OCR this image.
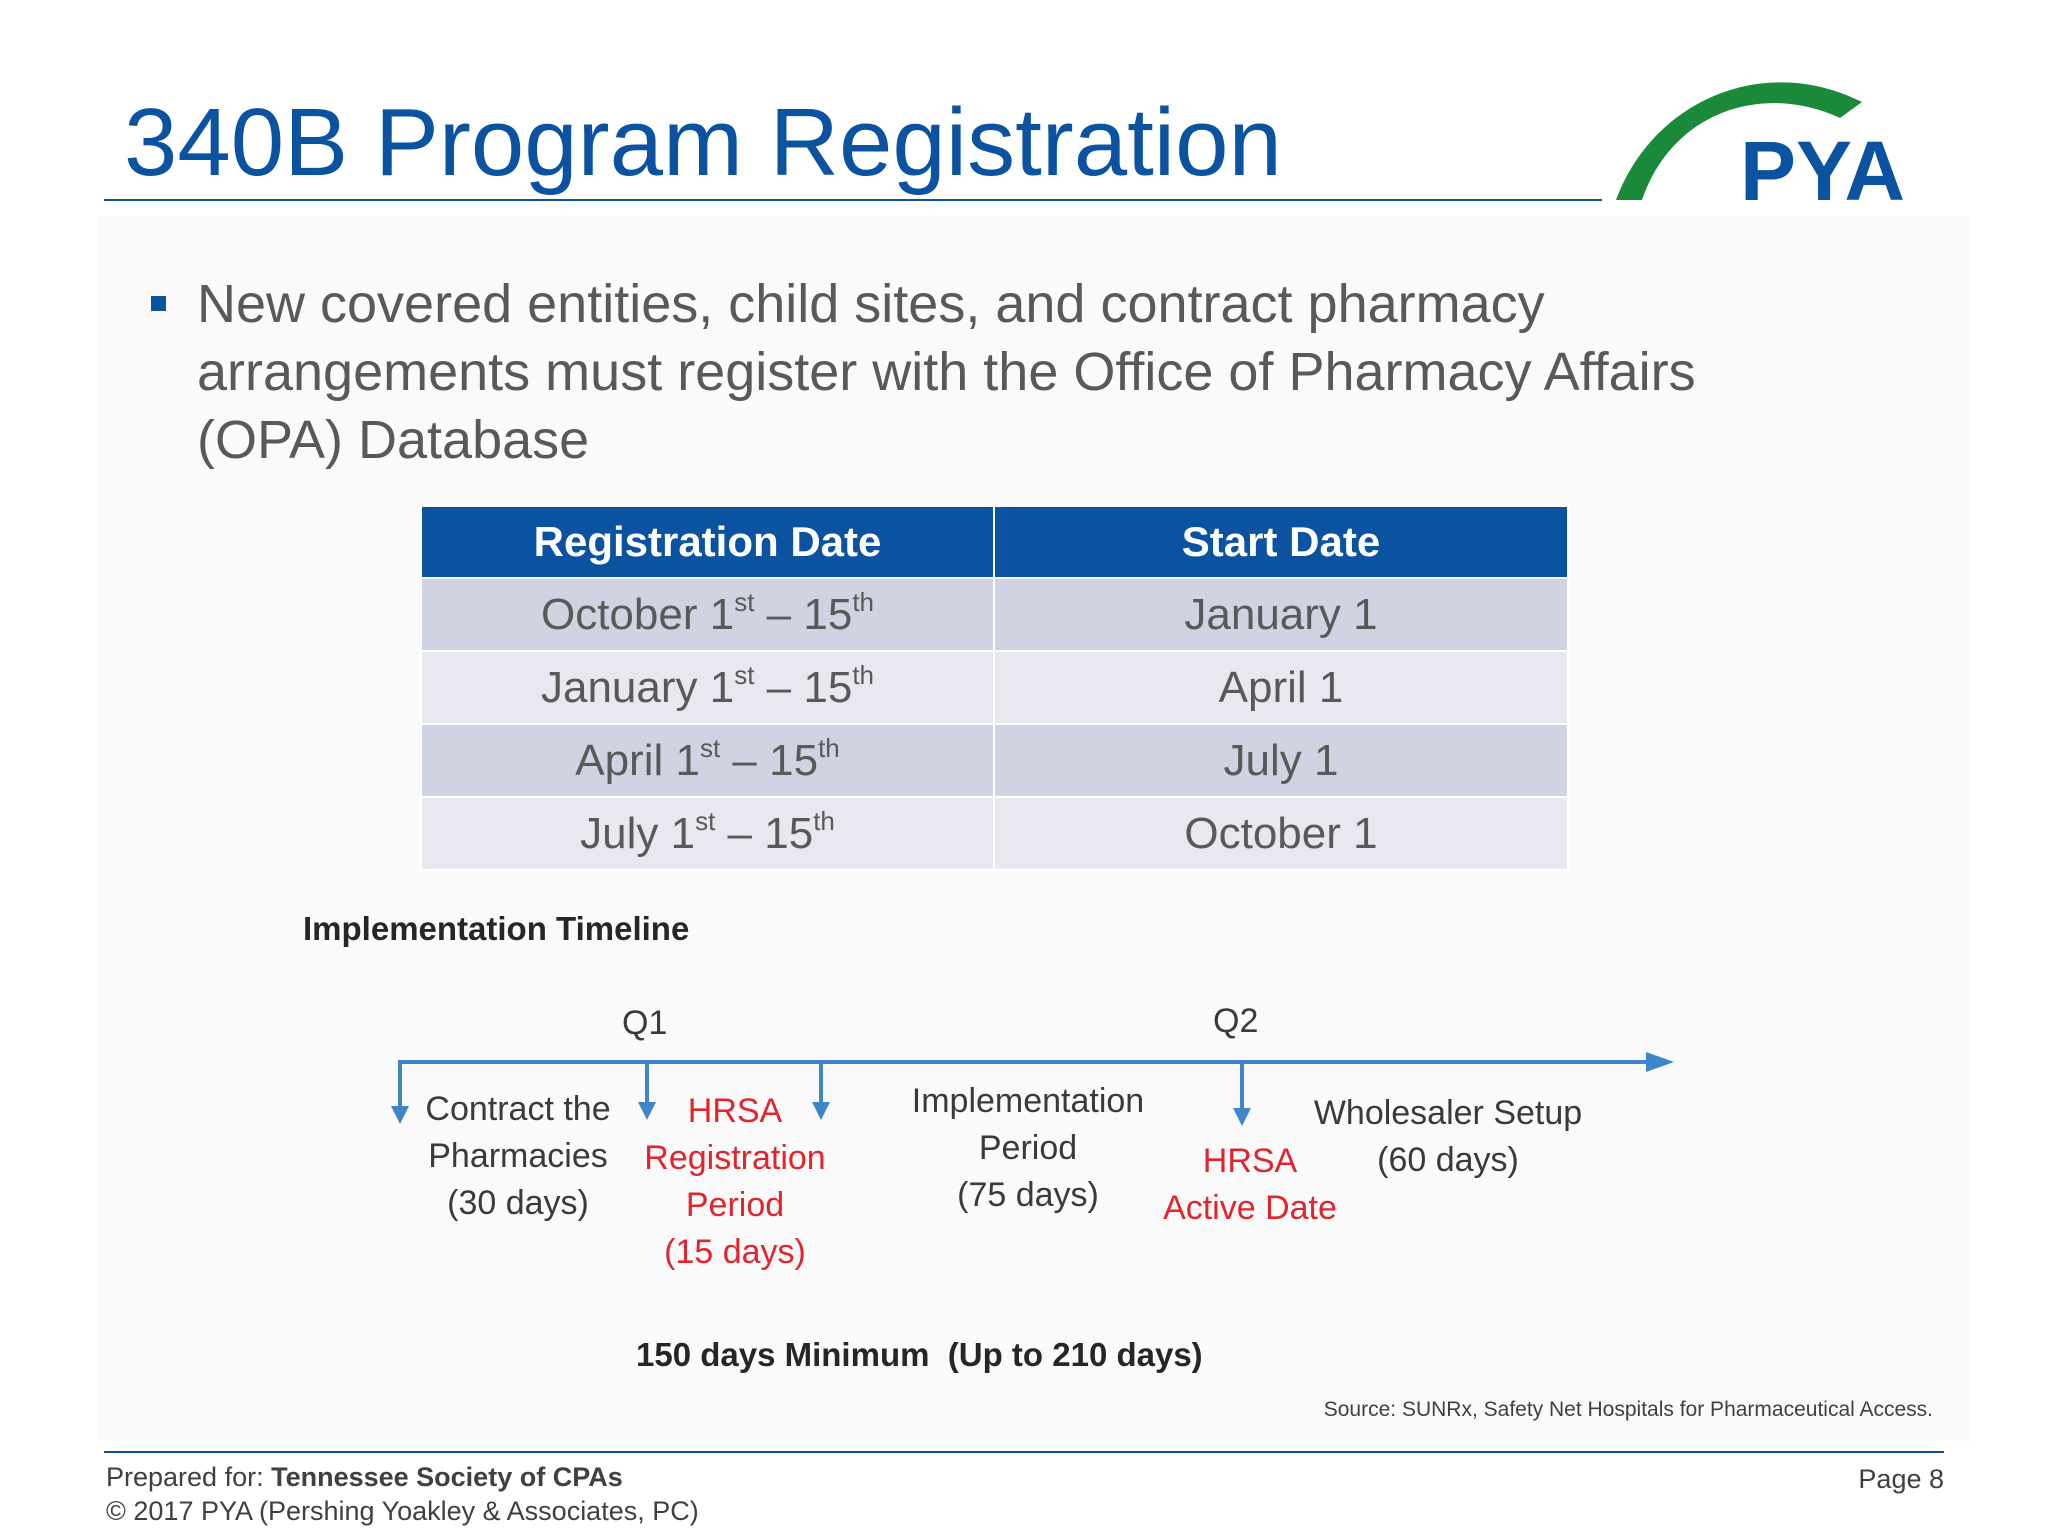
340B Program Registration	PYA

New covered entities, child sites, and contract pharmacy arrangements must register with the Office of Pharmacy Affairs (OPA) Database

Registration Date	Start Date
October 1st – 15th	January 1
January 1st – 15th	April 1
April 1st – 15th	July 1
July 1st – 15th	October 1
Implementation Timeline
Q1	Q2
Contract the
Pharmacies
(30 days)
HRSA
Registration
Period
(15 days)
Implementation
Period
(75 days)
HRSA
Active Date
Wholesaler Setup
(60 days)
150 days Minimum  (Up to 210 days)
Source: SUNRx, Safety Net Hospitals for Pharmaceutical Access.
Prepared for: Tennessee Society of CPAs
© 2017 PYA (Pershing Yoakley & Associates, PC)
Page 8
